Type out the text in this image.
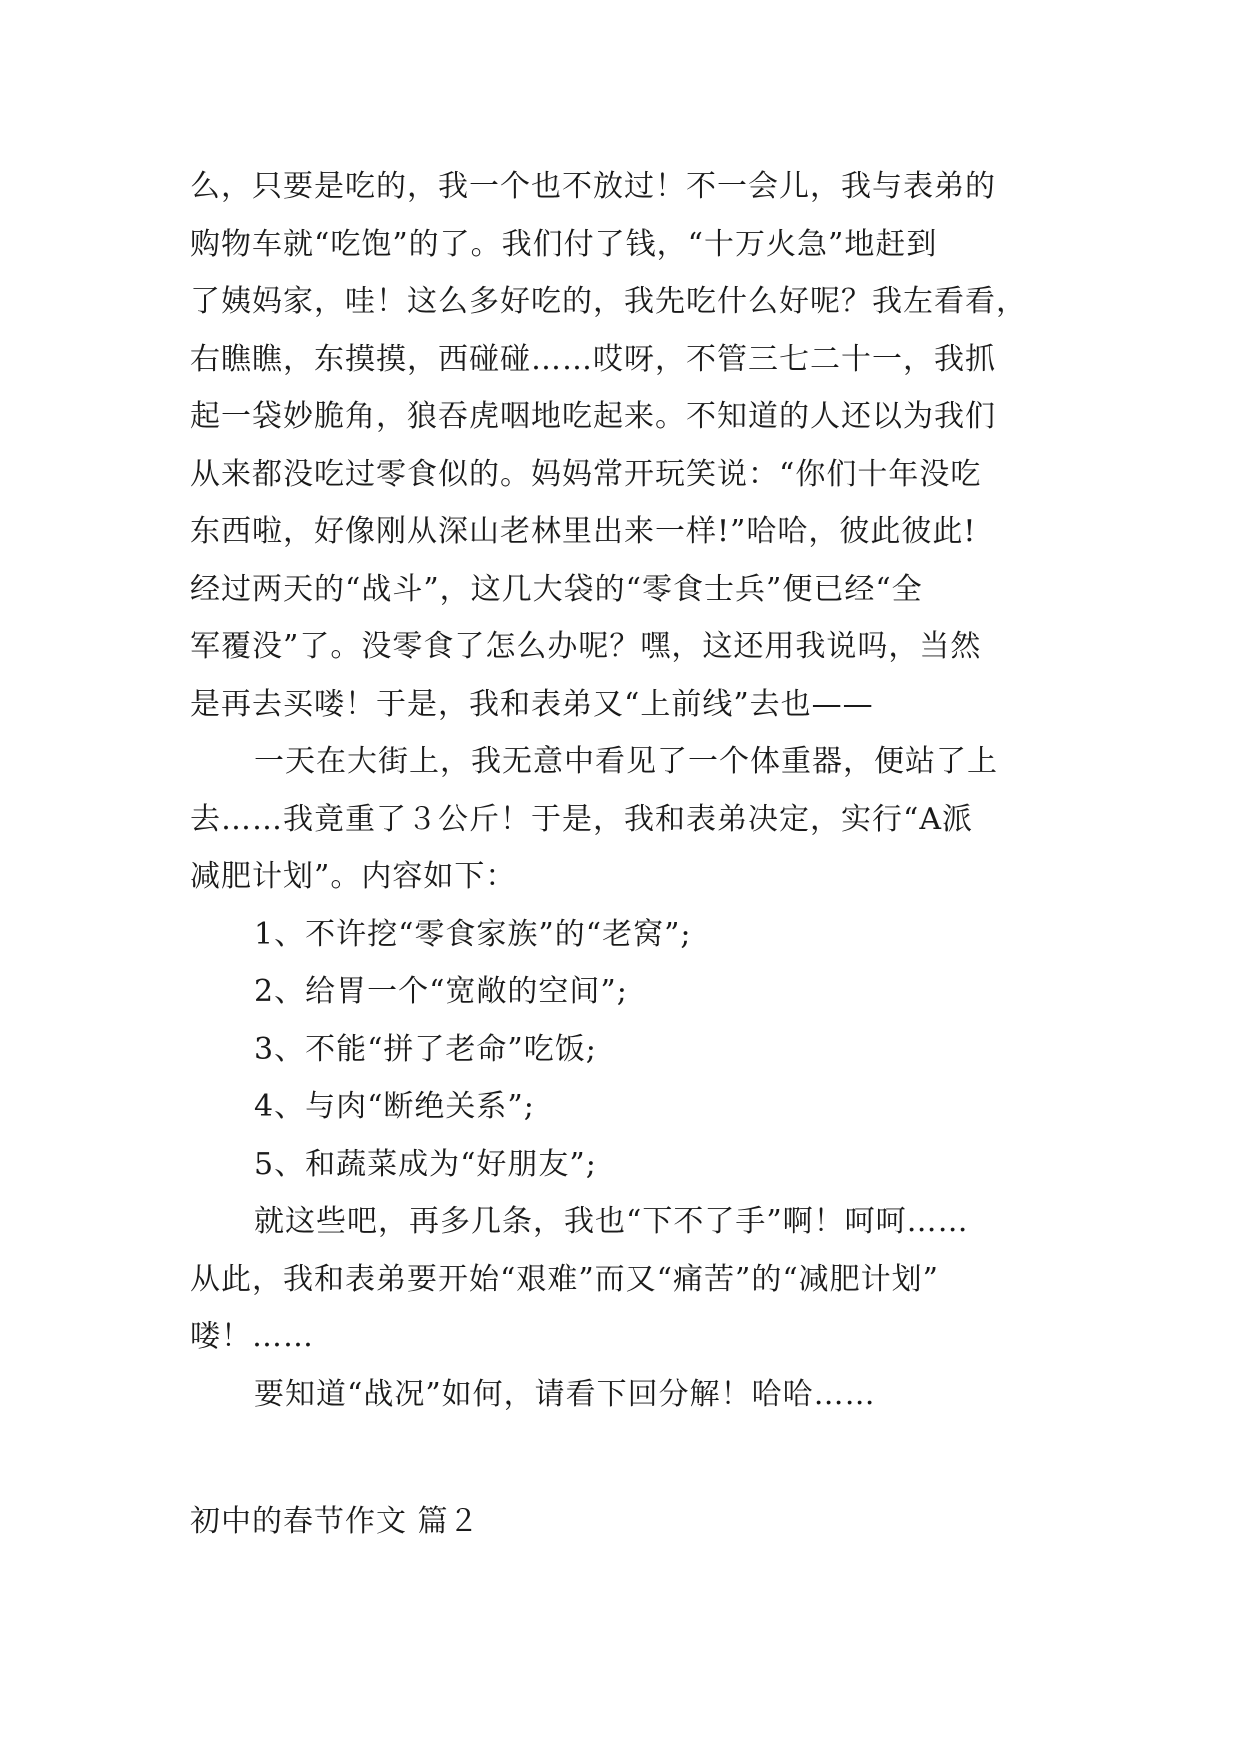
么，只要是吃的，我一个也不放过！不一会儿，我与表弟的
购物车就“吃饱”的了。我们付了钱，“十万火急”地赶到
了姨妈家，哇！这么多好吃的，我先吃什么好呢？我左看看，
右瞧瞧，东摸摸，西碰碰……哎呀，不管三七二十一，我抓
起一袋妙脆角，狼吞虎咽地吃起来。不知道的人还以为我们
从来都没吃过零食似的。妈妈常开玩笑说：“你们十年没吃
东西啦，好像刚从深山老林里出来一样!”哈哈，彼此彼此!
经过两天的“战斗”，这几大袋的“零食士兵”便已经“全
军覆没”了。没零食了怎么办呢？嘿，这还用我说吗，当然
是再去买喽！于是，我和表弟又“上前线”去也——
一天在大街上，我无意中看见了一个体重器，便站了上
去……我竟重了３公斤！于是，我和表弟决定，实行“A派
减肥计划”。内容如下：
1、不许挖“零食家族”的“老窝”;
2、给胃一个“宽敞的空间”;
3、不能“拼了老命”吃饭;
4、与肉“断绝关系”;
5、和蔬菜成为“好朋友”;
就这些吧，再多几条，我也“下不了手”啊！呵呵……
从此，我和表弟要开始“艰难”而又“痛苦”的“减肥计划”
喽！……
要知道“战况”如何，请看下回分解！哈哈……
初中的春节作文 篇２
